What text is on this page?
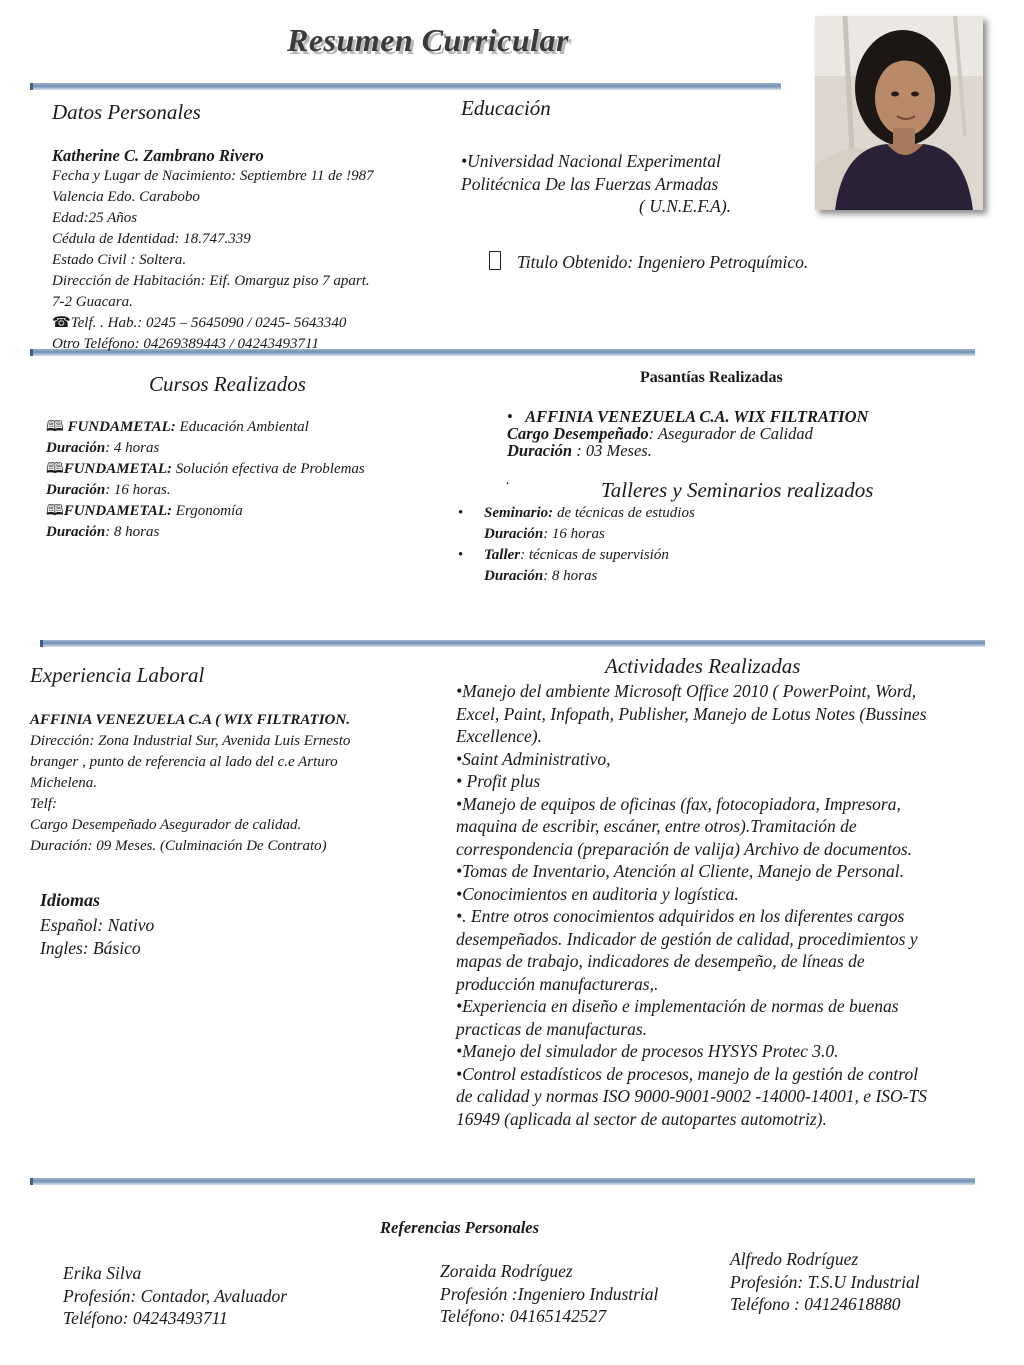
Resumen Curricular
Datos Personales
Katherine C. Zambrano Rivero
Fecha y Lugar de Nacimiento: Septiembre 11 de !987
Valencia Edo. Carabobo
Edad:25 Años
Cédula de Identidad: 18.747.339
Estado Civil : Soltera.
Dirección de Habitación: Eif. Omarguz piso 7 apart.
7-2 Guacara.
☎Telf. . Hab.: 0245 – 5645090 / 0245- 5643340
Otro Teléfono: 04269389443 / 04243493711
Educación
•Universidad Nacional Experimental
Politécnica De las Fuerzas Armadas
( U.N.E.F.A).
Titulo Obtenido: Ingeniero Petroquímico.
Cursos Realizados
🕮 FUNDAMETAL: Educación Ambiental
Duración: 4 horas
🕮FUNDAMETAL: Solución efectiva de Problemas
Duración: 16 horas.
🕮FUNDAMETAL: Ergonomía
Duración: 8 horas
Pasantías Realizadas
• AFFINIA VENEZUELA C.A. WIX FILTRATION
Cargo Desempeñado: Asegurador de Calidad
Duración : 03 Meses.
.	Talleres y Seminarios realizados
• Seminario: de técnicas de estudios
Duración: 16 horas
• Taller: técnicas de supervisión
Duración: 8 horas
Experiencia Laboral
AFFINIA VENEZUELA C.A ( WIX FILTRATION.
Dirección: Zona Industrial Sur, Avenida Luis Ernesto
branger , punto de referencia al lado del c.e Arturo
Michelena.
Telf:
Cargo Desempeñado Asegurador de calidad.
Duración: 09 Meses. (Culminación De Contrato)
Idiomas
Español: Nativo
Ingles: Básico
Actividades Realizadas
•Manejo del ambiente Microsoft Office 2010 ( PowerPoint, Word,
Excel, Paint, Infopath, Publisher, Manejo de Lotus Notes (Bussines
Excellence).
•Saint Administrativo,
• Profit plus
•Manejo de equipos de oficinas (fax, fotocopiadora, Impresora,
maquina de escribir, escáner, entre otros).Tramitación de
correspondencia (preparación de valija) Archivo de documentos.
•Tomas de Inventario, Atención al Cliente, Manejo de Personal.
•Conocimientos en auditoria y logística.
•. Entre otros conocimientos adquiridos en los diferentes cargos
desempeñados. Indicador de gestión de calidad, procedimientos y
mapas de trabajo, indicadores de desempeño, de líneas de
producción manufactureras,.
•Experiencia en diseño e implementación de normas de buenas
practicas de manufacturas.
•Manejo del simulador de procesos HYSYS Protec 3.0.
•Control estadísticos de procesos, manejo de la gestión de control
de calidad y normas ISO 9000-9001-9002 -14000-14001, e ISO-TS
16949 (aplicada al sector de autopartes automotriz).
Referencias Personales
Erika Silva
Profesión: Contador, Avaluador
Teléfono: 04243493711
Zoraida Rodríguez
Profesión :Ingeniero Industrial
Teléfono: 04165142527
Alfredo Rodríguez
Profesión: T.S.U Industrial
Teléfono : 04124618880
